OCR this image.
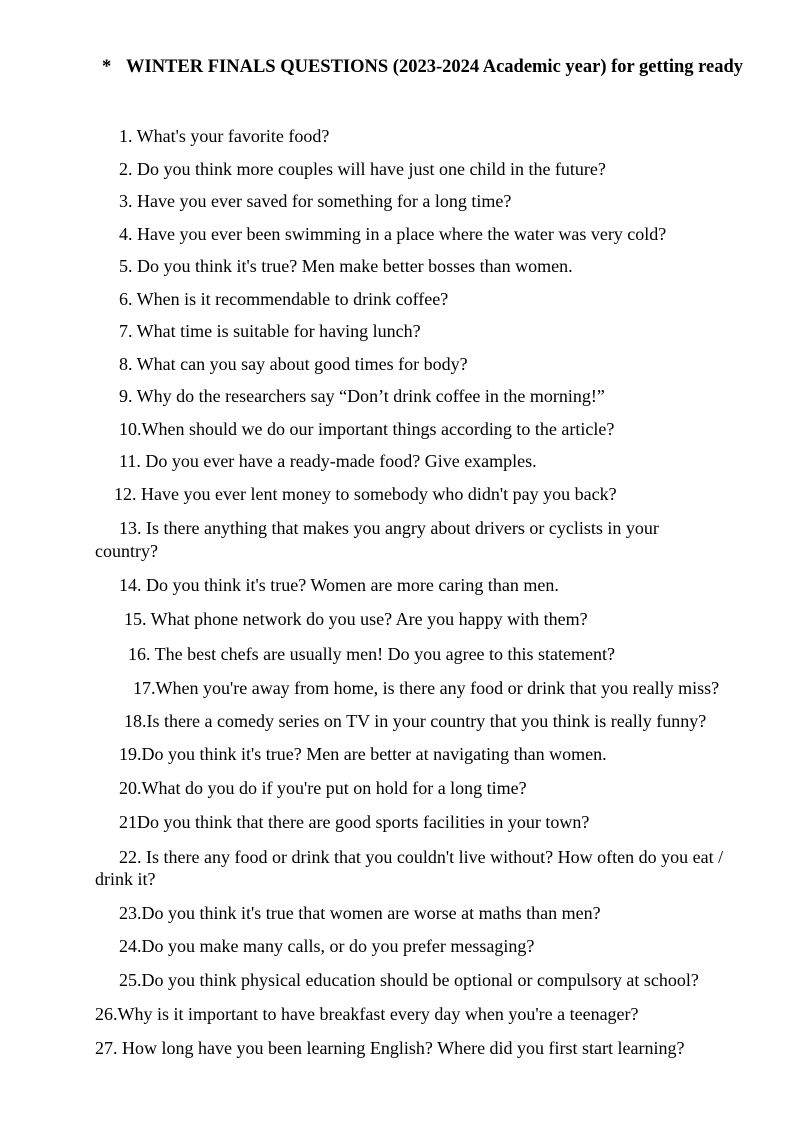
* WINTER FINALS QUESTIONS (2023-2024 Academic year) for getting ready
1. What's your favorite food?
2. Do you think more couples will have just one child in the future?
3. Have you ever saved for something for a long time?
4. Have you ever been swimming in a place where the water was very cold?
5. Do you think it's true? Men make better bosses than women.
6. When is it recommendable to drink coffee?
7. What time is suitable for having lunch?
8. What can you say about good times for body?
9. Why do the researchers say “Don’t drink coffee in the morning!”
10.When should we do our important things according to the article?
11. Do you ever have a ready-made food? Give examples.
12. Have you ever lent money to somebody who didn't pay you back?
13. Is there anything that makes you angry about drivers or cyclists in your
country?
14. Do you think it's true? Women are more caring than men.
15. What phone network do you use? Are you happy with them?
16. The best chefs are usually men! Do you agree to this statement?
17.When you're away from home, is there any food or drink that you really miss?
18.Is there a comedy series on TV in your country that you think is really funny?
19.Do you think it's true? Men are better at navigating than women.
20.What do you do if you're put on hold for a long time?
21Do you think that there are good sports facilities in your town?
22. Is there any food or drink that you couldn't live without? How often do you eat /
drink it?
23.Do you think it's true that women are worse at maths than men?
24.Do you make many calls, or do you prefer messaging?
25.Do you think physical education should be optional or compulsory at school?
26.Why is it important to have breakfast every day when you're a teenager?
27. How long have you been learning English? Where did you first start learning?
